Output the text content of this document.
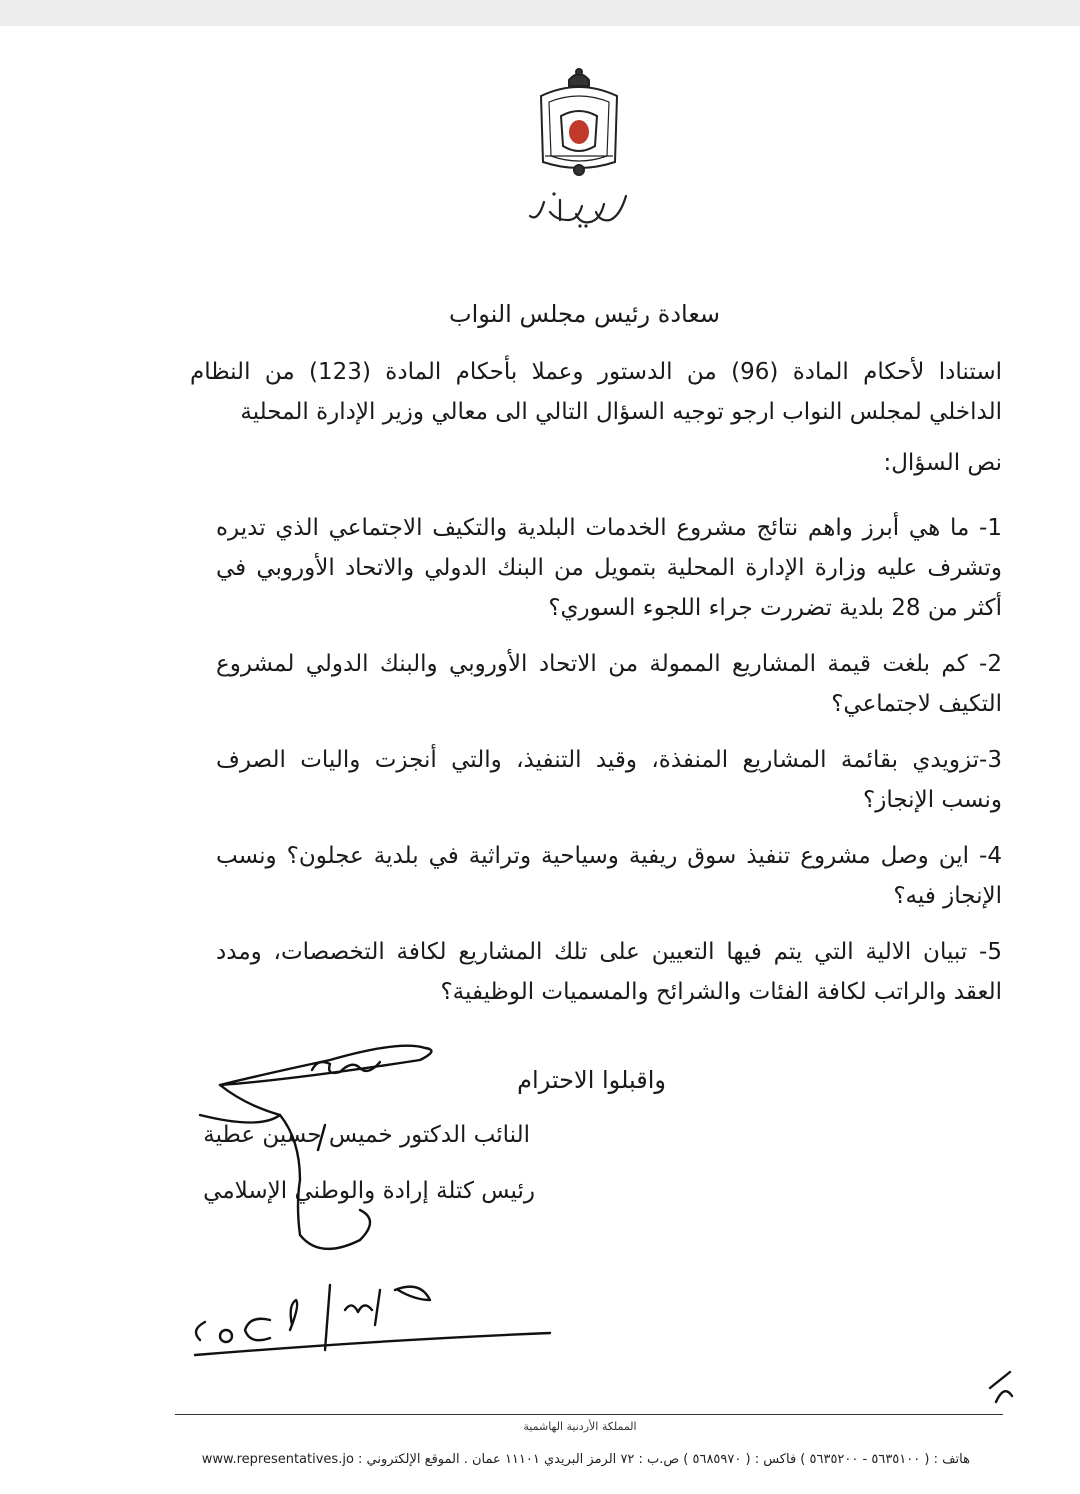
سعادة رئيس مجلس النواب
استنادا لأحكام المادة (96) من الدستور وعملا بأحكام المادة (123) من النظام الداخلي لمجلس النواب ارجو توجيه السؤال التالي الى معالي وزير الإدارة المحلية
نص السؤال:
1- ما هي أبرز واهم نتائج مشروع الخدمات البلدية والتكيف الاجتماعي الذي تديره وتشرف عليه وزارة الإدارة المحلية بتمويل من البنك الدولي والاتحاد الأوروبي في أكثر من 28 بلدية تضررت جراء اللجوء السوري؟
2- كم بلغت قيمة المشاريع الممولة من الاتحاد الأوروبي والبنك الدولي لمشروع التكيف لاجتماعي؟
3-تزويدي بقائمة المشاريع المنفذة، وقيد التنفيذ، والتي أنجزت واليات الصرف ونسب الإنجاز؟
4- اين وصل مشروع تنفيذ سوق ريفية وسياحية وتراثية في بلدية عجلون؟ ونسب الإنجاز فيه؟
5- تبيان الالية التي يتم فيها التعيين على تلك المشاريع لكافة التخصصات، ومدد العقد والراتب لكافة الفئات والشرائح والمسميات الوظيفية؟
واقبلوا الاحترام
النائب الدكتور خميس حسين عطية
رئيس كتلة إرادة والوطني الإسلامي
المملكة الأردنية الهاشمية
هاتف : ( ٥٦٣٥١٠٠ - ٥٦٣٥٢٠٠ ) فاكس : ( ٥٦٨٥٩٧٠ ) ص.ب : ٧٢ الرمز البريدي ١١١٠١ عمان . الموقع الإلكتروني : www.representatives.jo
